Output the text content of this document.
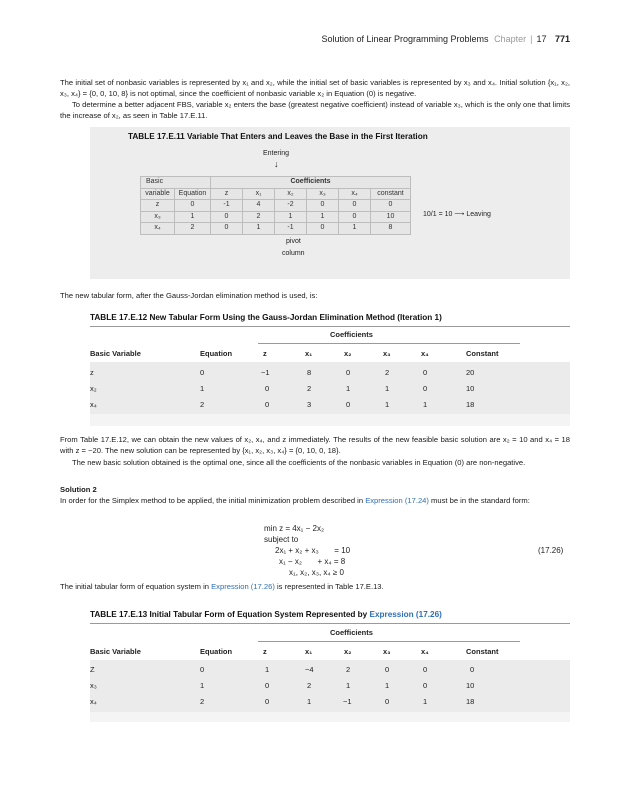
Solution of Linear Programming Problems Chapter | 17 771
The initial set of nonbasic variables is represented by x₁ and x₂, while the initial set of basic variables is represented by x₃ and x₄. Initial solution {x₁, x₂, x₃, x₄} = {0, 0, 10, 8} is not optimal, since the coefficient of nonbasic variable x₂ in Equation (0) is negative.
To determine a better adjacent FBS, variable x₂ enters the base (greatest negative coefficient) instead of variable x₃, which is the only one that limits the increase of x₂, as seen in Table 17.E.11.
TABLE 17.E.11 Variable That Enters and Leaves the Base in the First Iteration
Entering
↓
Basic		Coefficients					
variable	Equation	z	x₁	x₂	x₃	x₄	constant
z	0	-1	4	-2	0	0	0
x₃	1	0	2	1	1	0	10
x₄	2	0	1	-1	0	1	8
10/1 = 10 ⟶ Leaving
pivot
column
The new tabular form, after the Gauss-Jordan elimination method is used, is:
TABLE 17.E.12 New Tabular Form Using the Gauss-Jordan Elimination Method (Iteration 1)
Coefficients
Basic Variable	Equation	z	x₁	x₂	x₃	x₄	Constant
z	0	−1	8	0	2	0	20
x₂	1	0	2	1	1	0	10
x₄	2	0	3	0	1	1	18
From Table 17.E.12, we can obtain the new values of x₂, x₄, and z immediately. The results of the new feasible basic solution are x₂ = 10 and x₄ = 18 with z = −20. The new solution can be represented by {x₁, x₂, x₃, x₄} = {0, 10, 0, 18}.
The new basic solution obtained is the optimal one, since all the coefficients of the nonbasic variables in Equation (0) are non-negative.
Solution 2
In order for the Simplex method to be applied, the initial minimization problem described in Expression (17.24) must be in the standard form:
min z = 4x₁ − 2x₂
subject to
2x₁ + x₂ + x₃       = 10
x₁ − x₂       + x₄ = 8
x₁, x₂, x₃, x₄ ≥ 0
(17.26)
The initial tabular form of equation system in Expression (17.26) is represented in Table 17.E.13.
TABLE 17.E.13 Initial Tabular Form of Equation System Represented by Expression (17.26)
Coefficients
Basic Variable	Equation	z	x₁	x₂	x₃	x₄	Constant
Z	0	1	−4	2	0	0	0
x₃	1	0	2	1	1	0	10
x₄	2	0	1	−1	0	1	18
